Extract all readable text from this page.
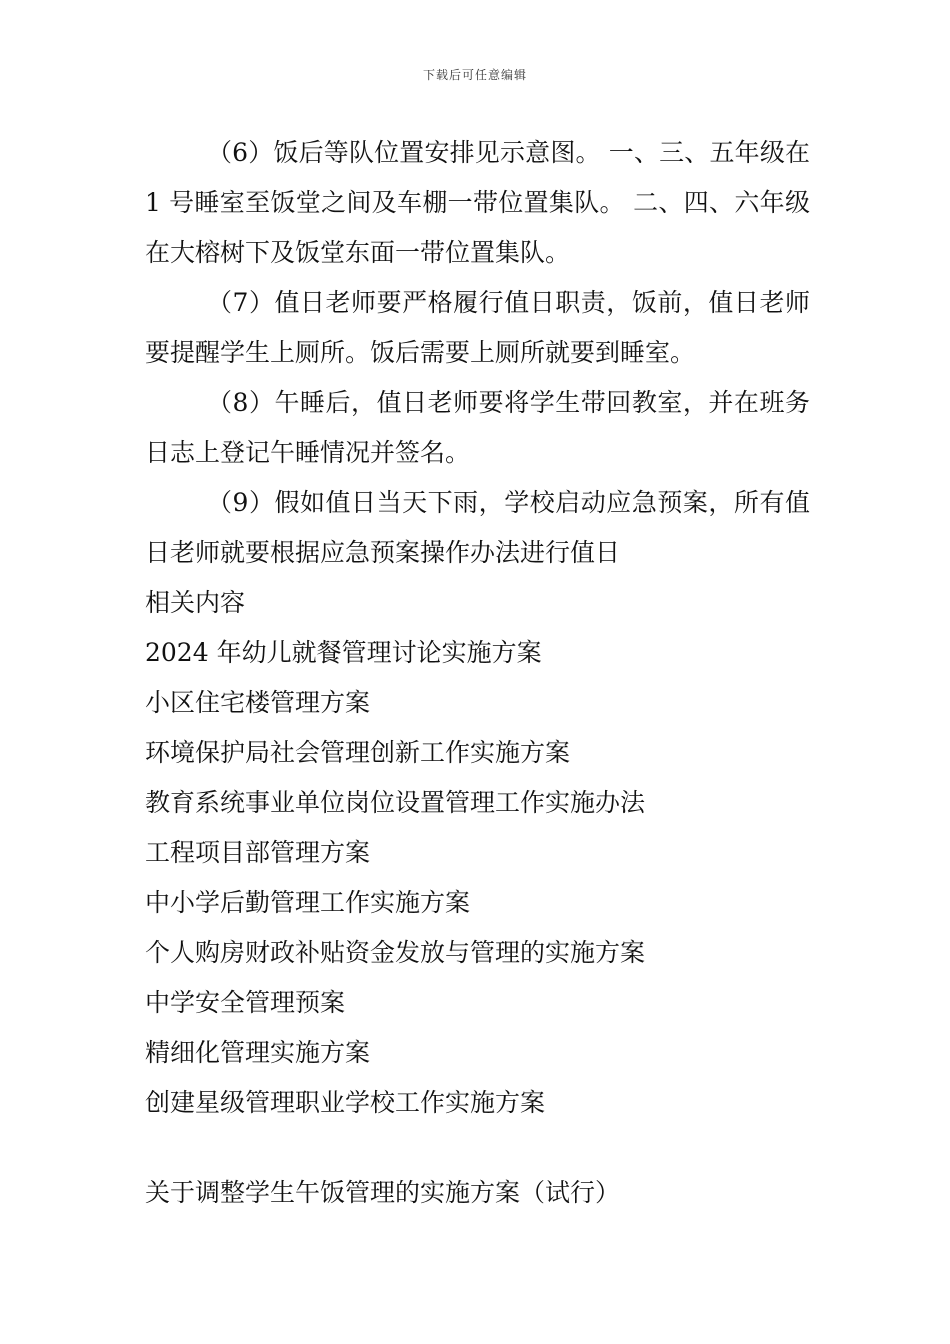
下载后可任意编辑

（6）饭后等队位置安排见示意图。 一、三、五年级在 1 号睡室至饭堂之间及车棚一带位置集队。 二、四、六年级在大榕树下及饭堂东面一带位置集队。

（7）值日老师要严格履行值日职责，饭前，值日老师要提醒学生上厕所。饭后需要上厕所就要到睡室。

（8）午睡后，值日老师要将学生带回教室，并在班务日志上登记午睡情况并签名。

（9）假如值日当天下雨，学校启动应急预案，所有值日老师就要根据应急预案操作办法进行值日

相关内容

2024 年幼儿就餐管理讨论实施方案
小区住宅楼管理方案
环境保护局社会管理创新工作实施方案
教育系统事业单位岗位设置管理工作实施办法
工程项目部管理方案
中小学后勤管理工作实施方案
个人购房财政补贴资金发放与管理的实施方案
中学安全管理预案
精细化管理实施方案
创建星级管理职业学校工作实施方案

关于调整学生午饭管理的实施方案（试行）
